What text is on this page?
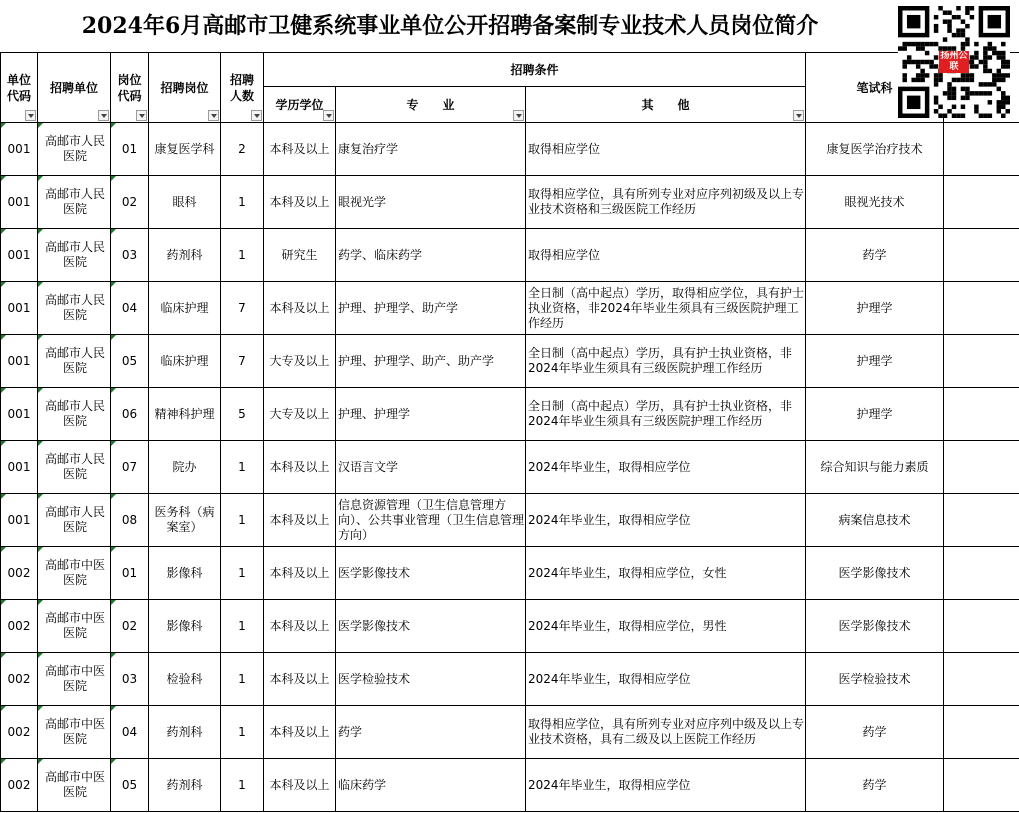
2024年6月高邮市卫健系统事业单位公开招聘备案制专业技术人员岗位简介
单位代码	招聘单位	岗位代码	招聘岗位	招聘人数	招聘条件			笔试科	
					学历学位	专　　业	其　　他		

001	高邮市人民医院	01	康复医学科	2	本科及以上	康复治疗学	取得相应学位	康复医学治疗技术	

001	高邮市人民医院	02	眼科	1	本科及以上	眼视光学	取得相应学位，具有所列专业对应序列初级及以上专业技术资格和三级医院工作经历	眼视光技术	

001	高邮市人民医院	03	药剂科	1	研究生	药学、临床药学	取得相应学位	药学	

001	高邮市人民医院	04	临床护理	7	本科及以上	护理、护理学、助产学	全日制（高中起点）学历，取得相应学位，具有护士执业资格，非2024年毕业生须具有三级医院护理工作经历	护理学	

001	高邮市人民医院	05	临床护理	7	大专及以上	护理、护理学、助产、助产学	全日制（高中起点）学历，具有护士执业资格，非2024年毕业生须具有三级医院护理工作经历	护理学	

001	高邮市人民医院	06	精神科护理	5	大专及以上	护理、护理学	全日制（高中起点）学历，具有护士执业资格，非2024年毕业生须具有三级医院护理工作经历	护理学	

001	高邮市人民医院	07	院办	1	本科及以上	汉语言文学	2024年毕业生，取得相应学位	综合知识与能力素质	

001	高邮市人民医院	08	医务科（病案室）	1	本科及以上	信息资源管理（卫生信息管理方向）、公共事业管理（卫生信息管理方向）	2024年毕业生，取得相应学位	病案信息技术	

002	高邮市中医医院	01	影像科	1	本科及以上	医学影像技术	2024年毕业生，取得相应学位，女性	医学影像技术	

002	高邮市中医医院	02	影像科	1	本科及以上	医学影像技术	2024年毕业生，取得相应学位，男性	医学影像技术	

002	高邮市中医医院	03	检验科	1	本科及以上	医学检验技术	2024年毕业生，取得相应学位	医学检验技术	

002	高邮市中医医院	04	药剂科	1	本科及以上	药学	取得相应学位，具有所列专业对应序列中级及以上专业技术资格，具有二级及以上医院工作经历	药学	

002	高邮市中医医院	05	药剂科	1	本科及以上	临床药学	2024年毕业生，取得相应学位	药学	
扬州公联
